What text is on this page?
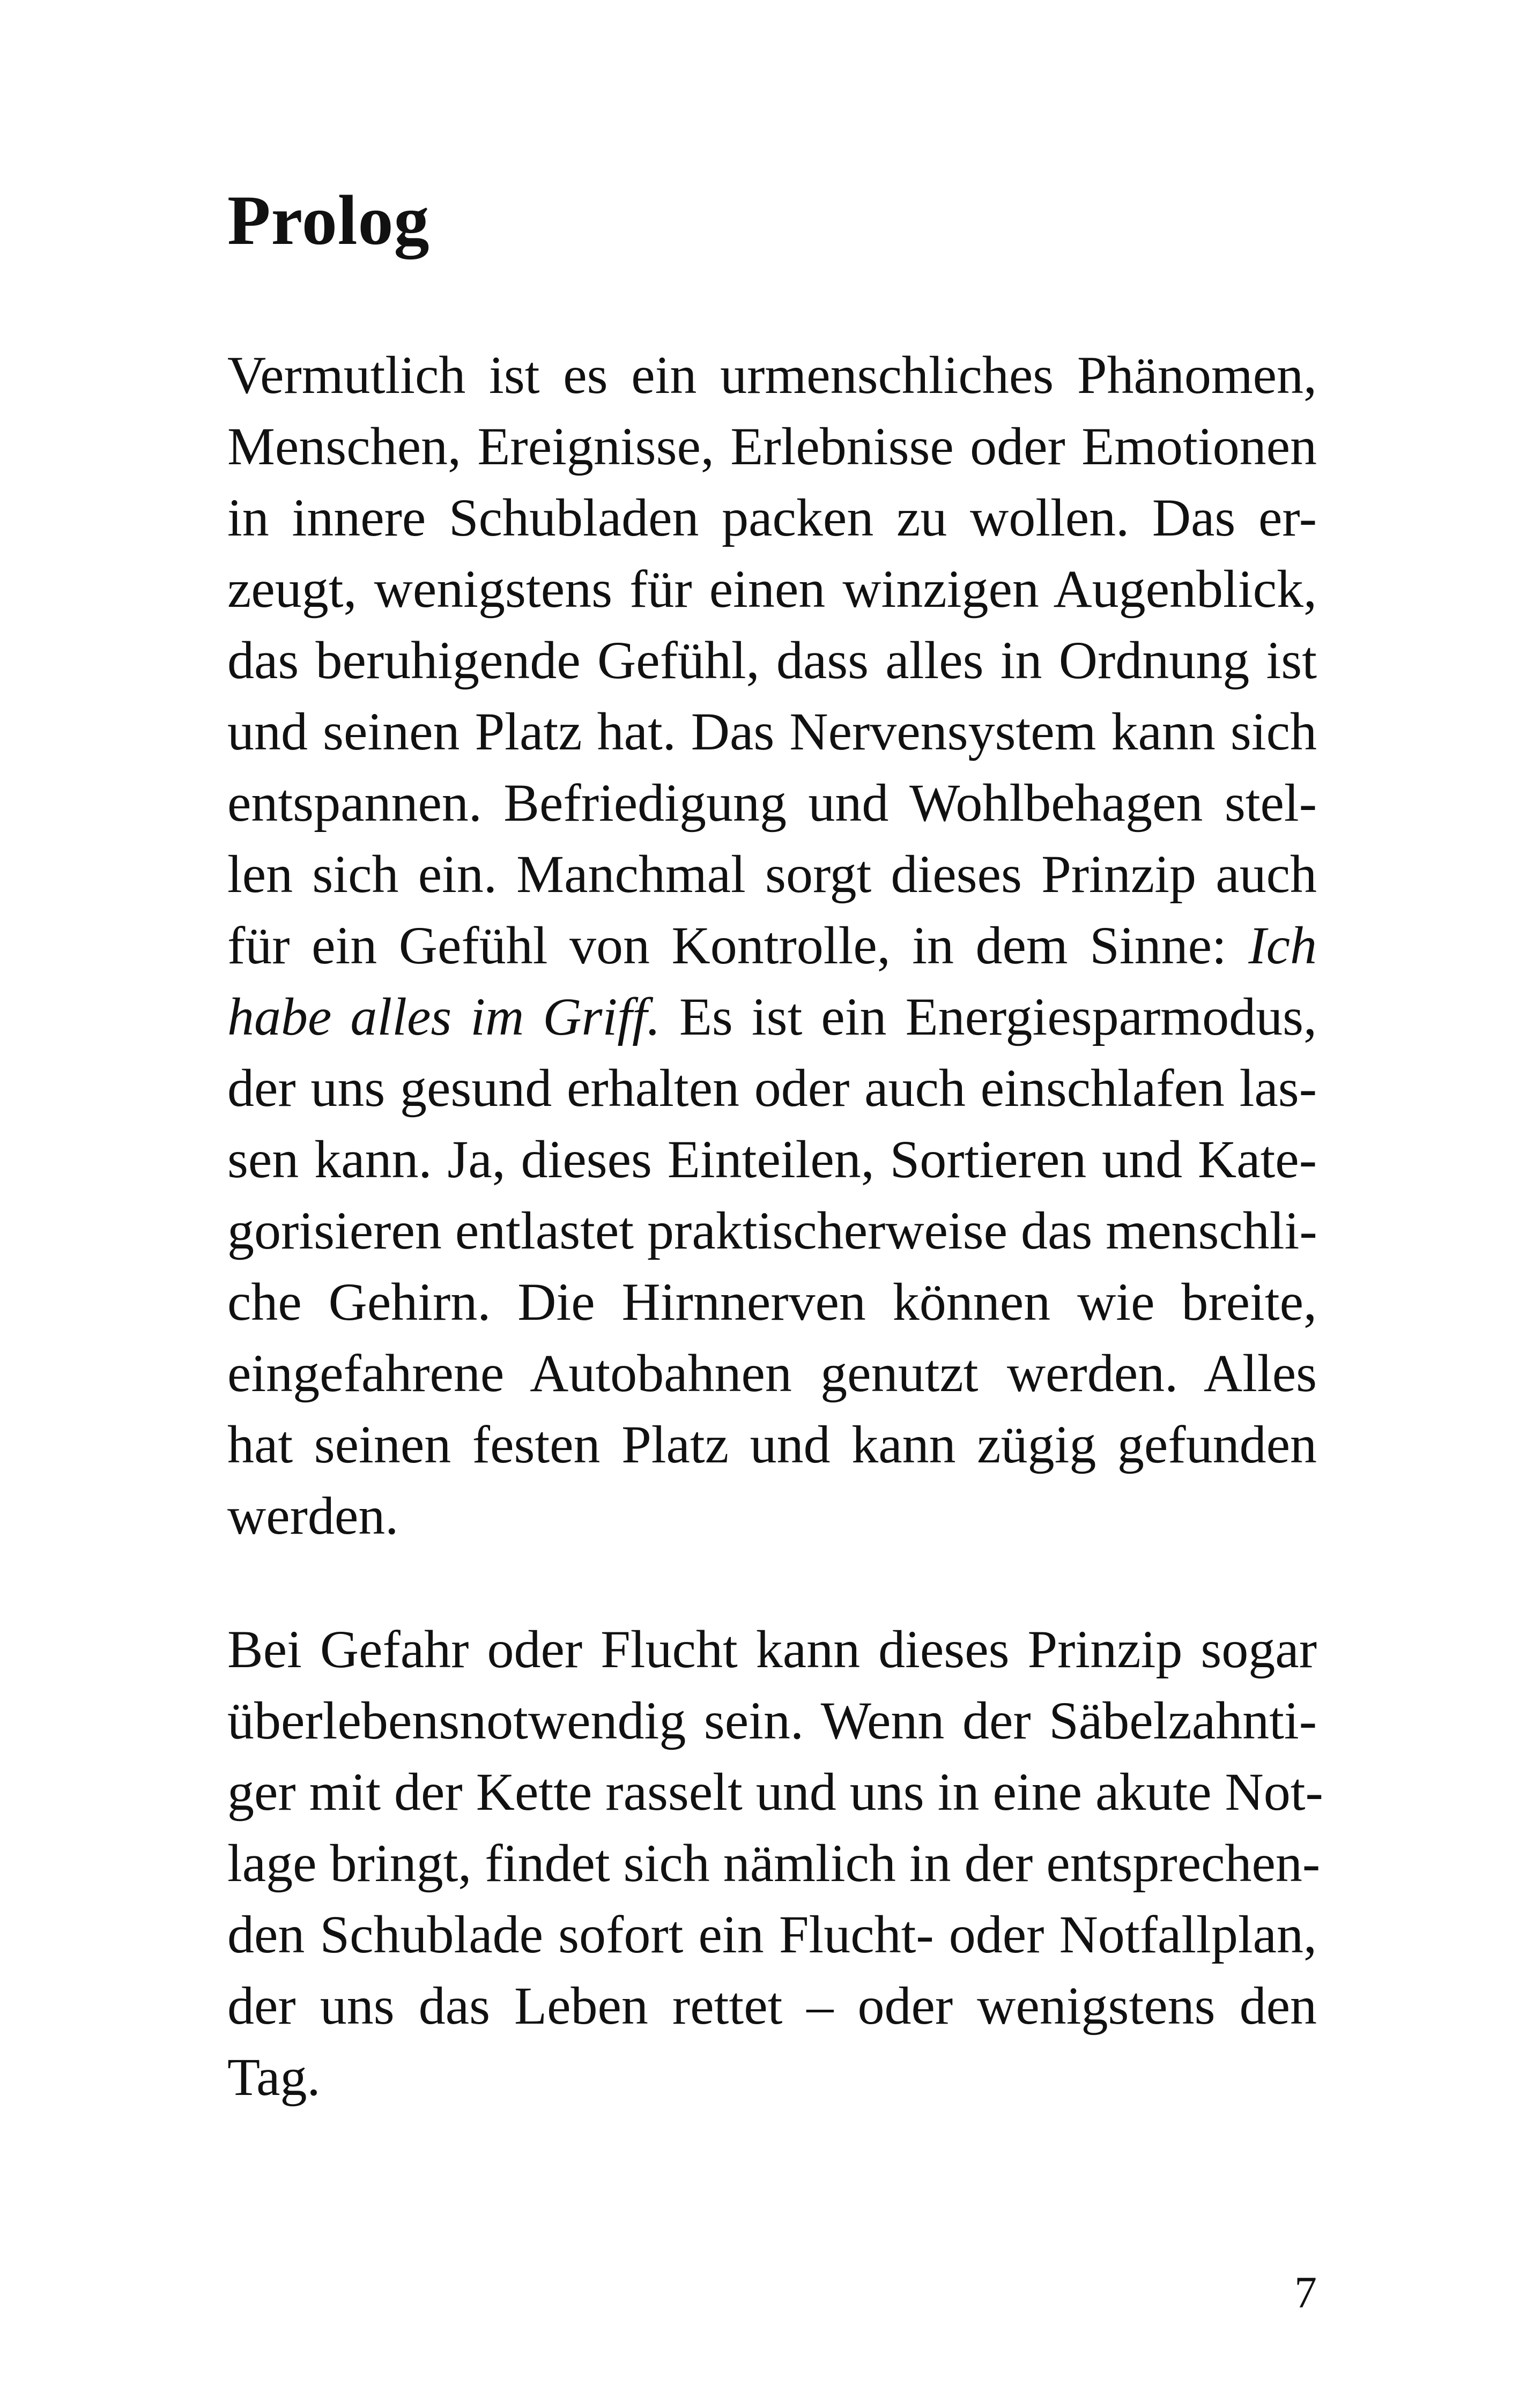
Prolog

Vermutlich ist es ein urmenschliches Phänomen,

Menschen, Ereignisse, Erlebnisse oder Emotionen

in innere Schubladen packen zu wollen. Das er-

zeugt, wenigstens für einen winzigen Augenblick,

das beruhigende Gefühl, dass alles in Ordnung ist

und seinen Platz hat. Das Nervensystem kann sich

entspannen. Befriedigung und Wohlbehagen stel-

len sich ein. Manchmal sorgt dieses Prinzip auch

für ein Gefühl von Kontrolle, in dem Sinne: Ich

habe alles im Griff. Es ist ein Energiesparmodus,

der uns gesund erhalten oder auch einschlafen las-

sen kann. Ja, dieses Einteilen, Sortieren und Kate-

gorisieren entlastet praktischerweise das menschli-

che Gehirn. Die Hirnnerven können wie breite,

eingefahrene Autobahnen genutzt werden. Alles

hat seinen festen Platz und kann zügig gefunden

werden.

Bei Gefahr oder Flucht kann dieses Prinzip sogar

überlebensnotwendig sein. Wenn der Säbelzahnti-

ger mit der Kette rasselt und uns in eine akute Not-

lage bringt, findet sich nämlich in der entsprechen-

den Schublade sofort ein Flucht- oder Notfallplan,

der uns das Leben rettet – oder wenigstens den

Tag.

7
